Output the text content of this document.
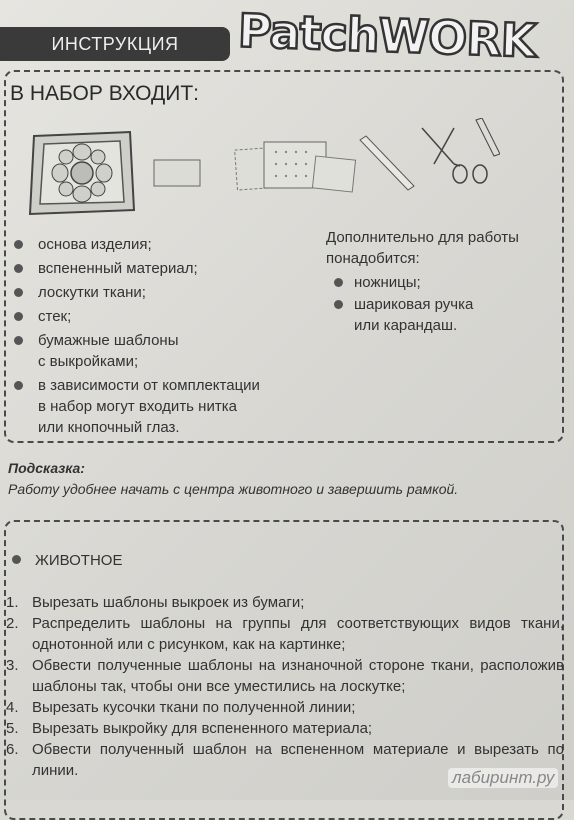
ИНСТРУКЦИЯ PatchWORK
В НАБОР ВХОДИТ:
основа изделия;
вспененный материал;
лоскутки ткани;
стек;
бумажные шаблоны
с выкройками;
в зависимости от комплектации
в набор могут входить нитка
или кнопочный глаз.
Дополнительно для работы понадобится:
ножницы;
шариковая ручка
или карандаш.
Подсказка:
Работу удобнее начать с центра животного и завершить рамкой.
ЖИВОТНОЕ
1. Вырезать шаблоны выкроек из бумаги;
2. Распределить шаблоны на группы для соответствующих видов ткани, однотонной или с рисунком, как на картинке;
3. Обвести полученные шаблоны на изнаночной стороне ткани, расположив шаблоны так, чтобы они все уместились на лоскутке;
4. Вырезать кусочки ткани по полученной линии;
5. Вырезать выкройку для вспененного материала;
6. Обвести полученный шаблон на вспененном материале и вырезать по линии.	лабиринт.ру
